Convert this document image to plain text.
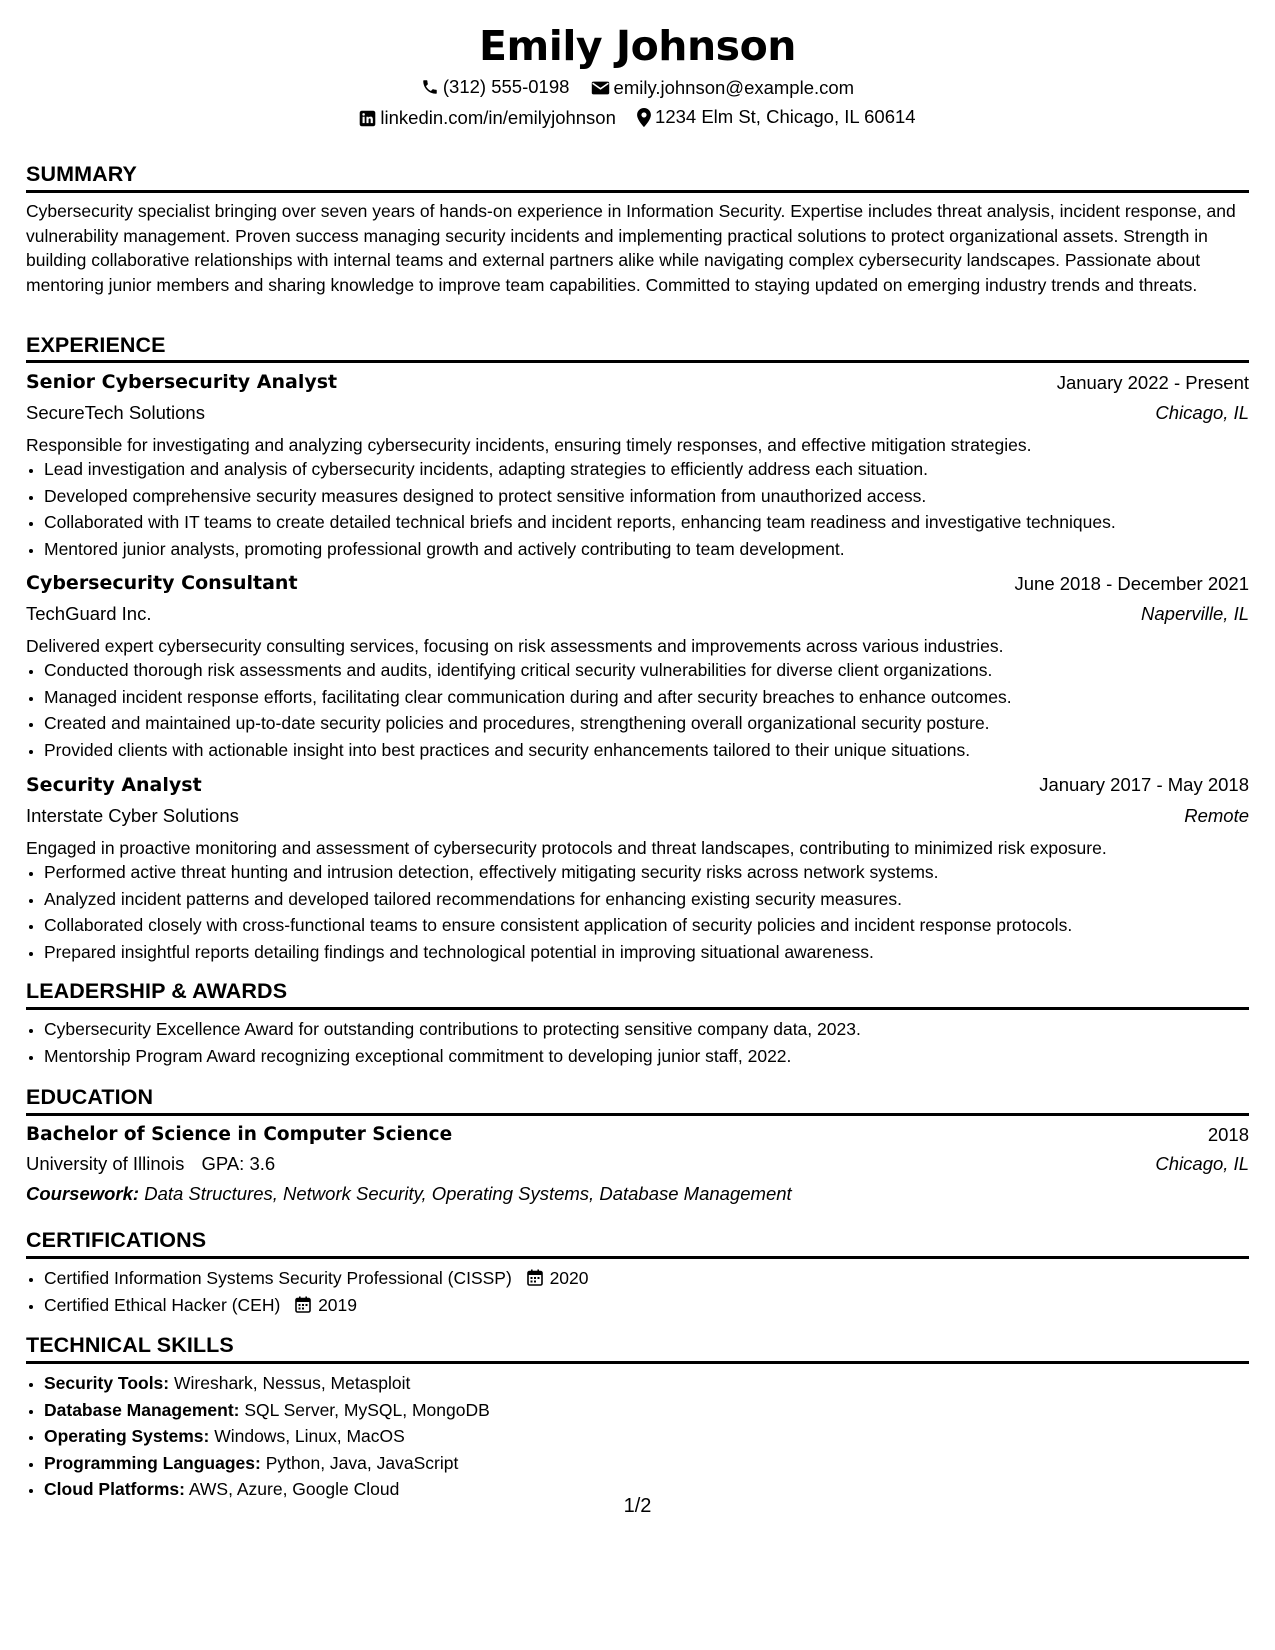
Emily Johnson
(312) 555-0198
emily.johnson@example.com
linkedin.com/in/emilyjohnson
1234 Elm St, Chicago, IL 60614
SUMMARY
Cybersecurity specialist bringing over seven years of hands-on experience in Information Security. Expertise includes threat analysis, incident response, and vulnerability management. Proven success managing security incidents and implementing practical solutions to protect organizational assets. Strength in building collaborative relationships with internal teams and external partners alike while navigating complex cybersecurity landscapes. Passionate about mentoring junior members and sharing knowledge to improve team capabilities. Committed to staying updated on emerging industry trends and threats.
EXPERIENCE
Senior Cybersecurity Analyst	January 2022 - Present
SecureTech Solutions	Chicago, IL
Responsible for investigating and analyzing cybersecurity incidents, ensuring timely responses, and effective mitigation strategies.
• Lead investigation and analysis of cybersecurity incidents, adapting strategies to efficiently address each situation.
• Developed comprehensive security measures designed to protect sensitive information from unauthorized access.
• Collaborated with IT teams to create detailed technical briefs and incident reports, enhancing team readiness and investigative techniques.
• Mentored junior analysts, promoting professional growth and actively contributing to team development.
Cybersecurity Consultant	June 2018 - December 2021
TechGuard Inc.	Naperville, IL
Delivered expert cybersecurity consulting services, focusing on risk assessments and improvements across various industries.
• Conducted thorough risk assessments and audits, identifying critical security vulnerabilities for diverse client organizations.
• Managed incident response efforts, facilitating clear communication during and after security breaches to enhance outcomes.
• Created and maintained up-to-date security policies and procedures, strengthening overall organizational security posture.
• Provided clients with actionable insight into best practices and security enhancements tailored to their unique situations.
Security Analyst	January 2017 - May 2018
Interstate Cyber Solutions	Remote
Engaged in proactive monitoring and assessment of cybersecurity protocols and threat landscapes, contributing to minimized risk exposure.
• Performed active threat hunting and intrusion detection, effectively mitigating security risks across network systems.
• Analyzed incident patterns and developed tailored recommendations for enhancing existing security measures.
• Collaborated closely with cross-functional teams to ensure consistent application of security policies and incident response protocols.
• Prepared insightful reports detailing findings and technological potential in improving situational awareness.
LEADERSHIP & AWARDS
• Cybersecurity Excellence Award for outstanding contributions to protecting sensitive company data, 2023.
• Mentorship Program Award recognizing exceptional commitment to developing junior staff, 2022.
EDUCATION
Bachelor of Science in Computer Science	2018
University of Illinois GPA: 3.6	Chicago, IL
Coursework: Data Structures, Network Security, Operating Systems, Database Management
CERTIFICATIONS
• Certified Information Systems Security Professional (CISSP) 2020
• Certified Ethical Hacker (CEH) 2019
TECHNICAL SKILLS
• Security Tools: Wireshark, Nessus, Metasploit
• Database Management: SQL Server, MySQL, MongoDB
• Operating Systems: Windows, Linux, MacOS
• Programming Languages: Python, Java, JavaScript
• Cloud Platforms: AWS, Azure, Google Cloud
1/2
